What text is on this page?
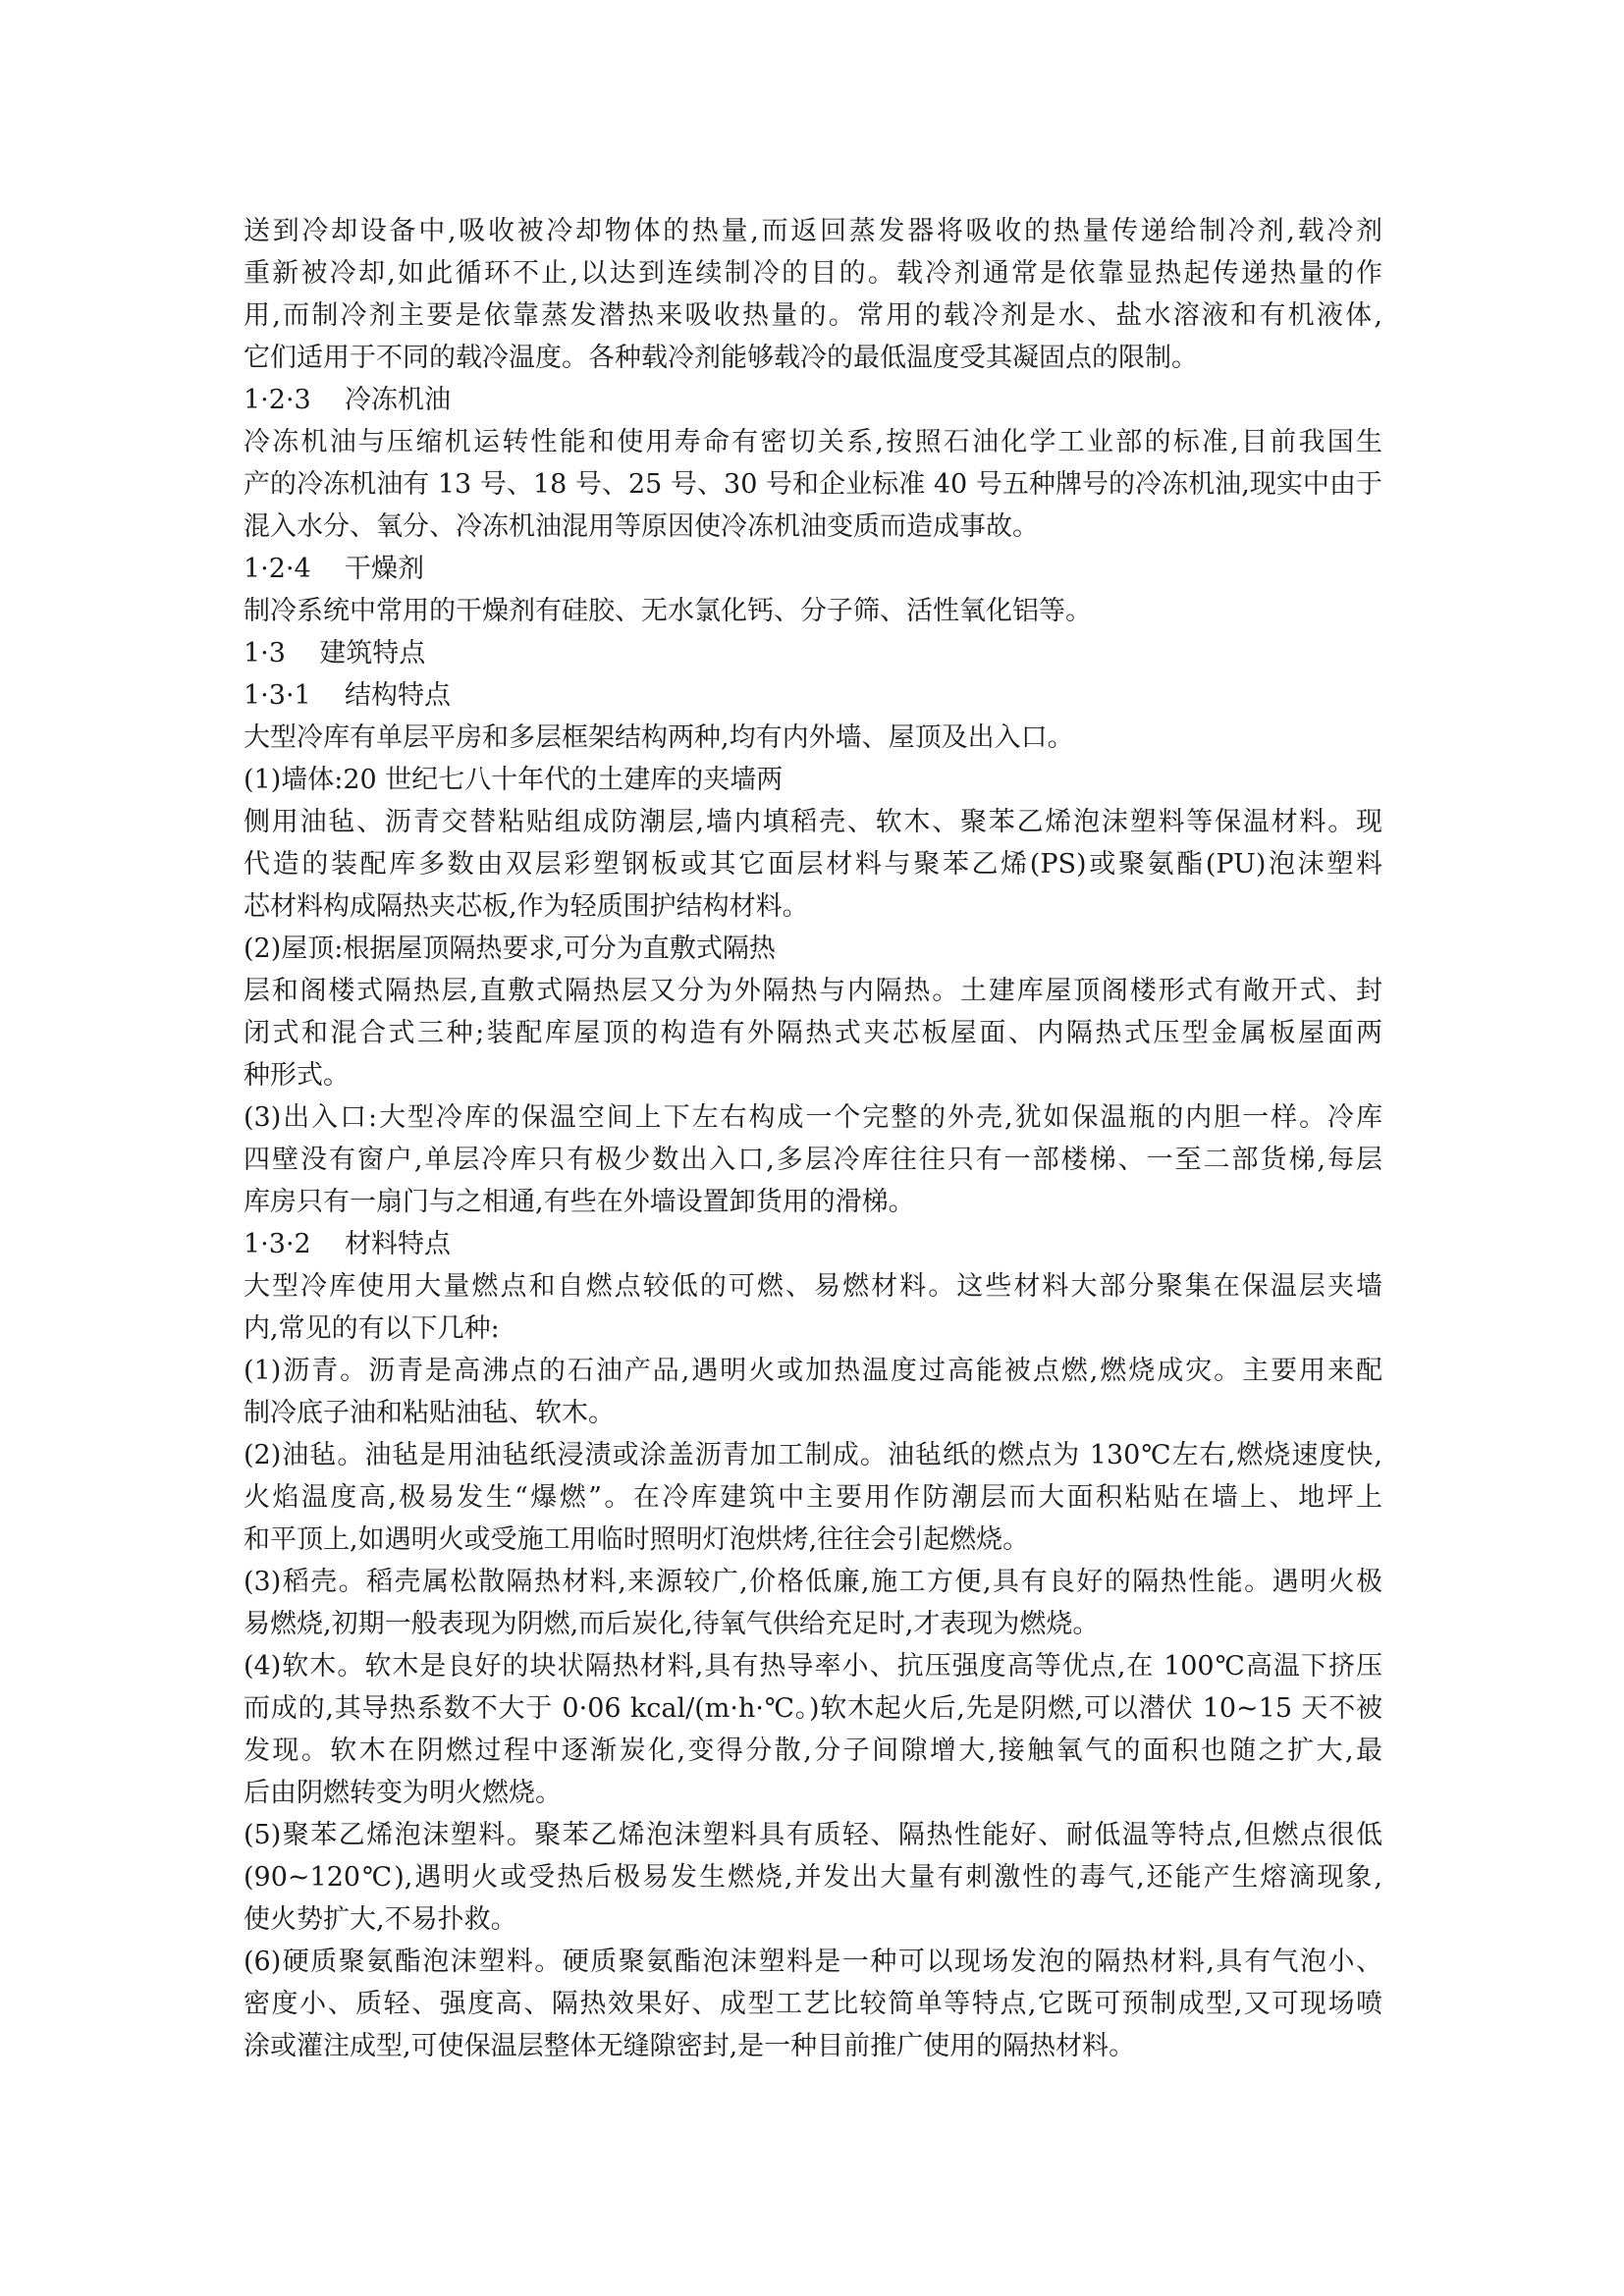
送到冷却设备中,吸收被冷却物体的热量,而返回蒸发器将吸收的热量传递给制冷剂,载冷剂
重新被冷却,如此循环不止,以达到连续制冷的目的。载冷剂通常是依靠显热起传递热量的作
用,而制冷剂主要是依靠蒸发潜热来吸收热量的。常用的载冷剂是水、盐水溶液和有机液体,
它们适用于不同的载冷温度。各种载冷剂能够载冷的最低温度受其凝固点的限制。

1·2·3 冷冻机油

冷冻机油与压缩机运转性能和使用寿命有密切关系,按照石油化学工业部的标准,目前我国生
产的冷冻机油有 13 号、18 号、25 号、30 号和企业标准 40 号五种牌号的冷冻机油,现实中由于
混入水分、氧分、冷冻机油混用等原因使冷冻机油变质而造成事故。

1·2·4 干燥剂

制冷系统中常用的干燥剂有硅胶、无水氯化钙、分子筛、活性氧化铝等。

1·3 建筑特点

1·3·1 结构特点

大型冷库有单层平房和多层框架结构两种,均有内外墙、屋顶及出入口。

(1)墙体:20 世纪七八十年代的土建库的夹墙两

侧用油毡、沥青交替粘贴组成防潮层,墙内填稻壳、软木、聚苯乙烯泡沫塑料等保温材料。现
代造的装配库多数由双层彩塑钢板或其它面层材料与聚苯乙烯(PS)或聚氨酯(PU)泡沫塑料
芯材料构成隔热夹芯板,作为轻质围护结构材料。

(2)屋顶:根据屋顶隔热要求,可分为直敷式隔热

层和阁楼式隔热层,直敷式隔热层又分为外隔热与内隔热。土建库屋顶阁楼形式有敞开式、封
闭式和混合式三种;装配库屋顶的构造有外隔热式夹芯板屋面、内隔热式压型金属板屋面两
种形式。

(3)出入口:大型冷库的保温空间上下左右构成一个完整的外壳,犹如保温瓶的内胆一样。冷库
四壁没有窗户,单层冷库只有极少数出入口,多层冷库往往只有一部楼梯、一至二部货梯,每层
库房只有一扇门与之相通,有些在外墙设置卸货用的滑梯。

1·3·2 材料特点

大型冷库使用大量燃点和自燃点较低的可燃、易燃材料。这些材料大部分聚集在保温层夹墙
内,常见的有以下几种:

(1)沥青。沥青是高沸点的石油产品,遇明火或加热温度过高能被点燃,燃烧成灾。主要用来配
制冷底子油和粘贴油毡、软木。

(2)油毡。油毡是用油毡纸浸渍或涂盖沥青加工制成。油毡纸的燃点为 130℃左右,燃烧速度快,
火焰温度高,极易发生“爆燃”。在冷库建筑中主要用作防潮层而大面积粘贴在墙上、地坪上
和平顶上,如遇明火或受施工用临时照明灯泡烘烤,往往会引起燃烧。

(3)稻壳。稻壳属松散隔热材料,来源较广,价格低廉,施工方便,具有良好的隔热性能。遇明火极
易燃烧,初期一般表现为阴燃,而后炭化,待氧气供给充足时,才表现为燃烧。

(4)软木。软木是良好的块状隔热材料,具有热导率小、抗压强度高等优点,在 100℃高温下挤压
而成的,其导热系数不大于 0·06 kcal/(m·h·℃。)软木起火后,先是阴燃,可以潜伏 10~15 天不被
发现。软木在阴燃过程中逐渐炭化,变得分散,分子间隙增大,接触氧气的面积也随之扩大,最
后由阴燃转变为明火燃烧。

(5)聚苯乙烯泡沫塑料。聚苯乙烯泡沫塑料具有质轻、隔热性能好、耐低温等特点,但燃点很低
(90~120℃),遇明火或受热后极易发生燃烧,并发出大量有刺激性的毒气,还能产生熔滴现象,
使火势扩大,不易扑救。

(6)硬质聚氨酯泡沫塑料。硬质聚氨酯泡沫塑料是一种可以现场发泡的隔热材料,具有气泡小、
密度小、质轻、强度高、隔热效果好、成型工艺比较简单等特点,它既可预制成型,又可现场喷
涂或灌注成型,可使保温层整体无缝隙密封,是一种目前推广使用的隔热材料。
